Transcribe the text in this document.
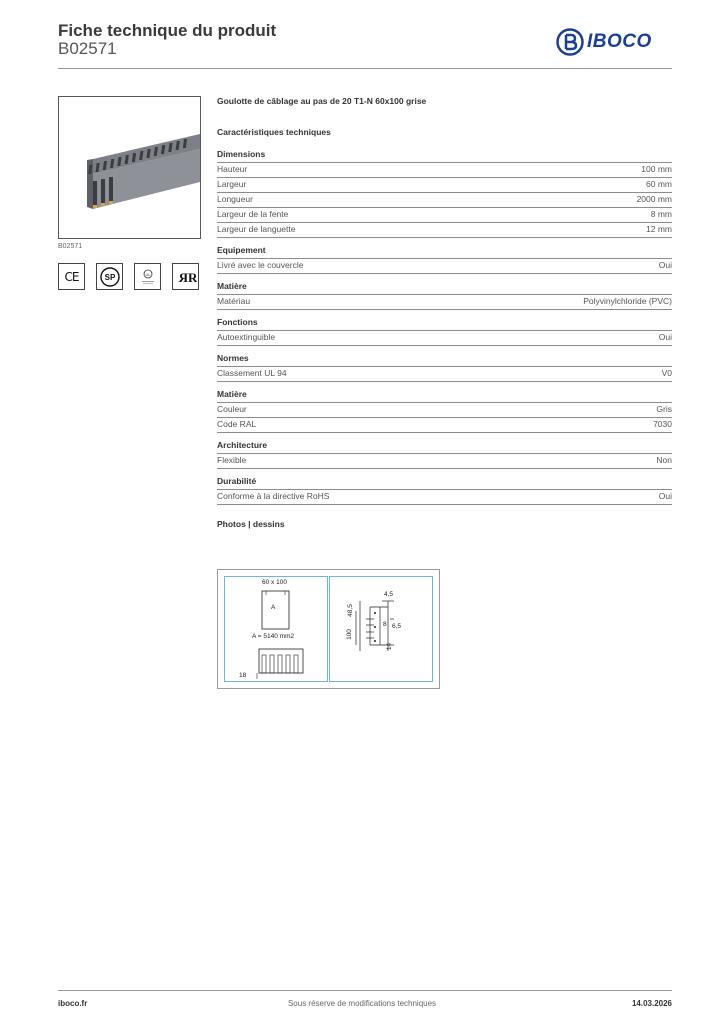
Fiche technique du produit
B02571	IBOCO
B02571
CE	SP	UL R R
Goulotte de câblage au pas de 20 T1-N 60x100 grise
Caractéristiques techniques
Dimensions
Hauteur	100 mm
Largeur	60 mm
Longueur	2000 mm
Largeur de la fente	8 mm
Largeur de languette	12 mm
Equipement
Livré avec le couvercle	Oui
Matière
Matériau	Polyvinylchloride (PVC)
Fonctions
Autoextinguible	Oui
Normes
Classement UL 94	V0
Matière
Couleur	Gris
Code RAL	7030
Architecture
Flexible	Non
Durabilité
Conforme à la directive RoHS	Oui
Photos | dessins
60 x 100
A
A = 5140 mm2
18
4,5
48,5
100
8 6,5
14
iboco.fr	Sous réserve de modifications techniques	14.03.2026
